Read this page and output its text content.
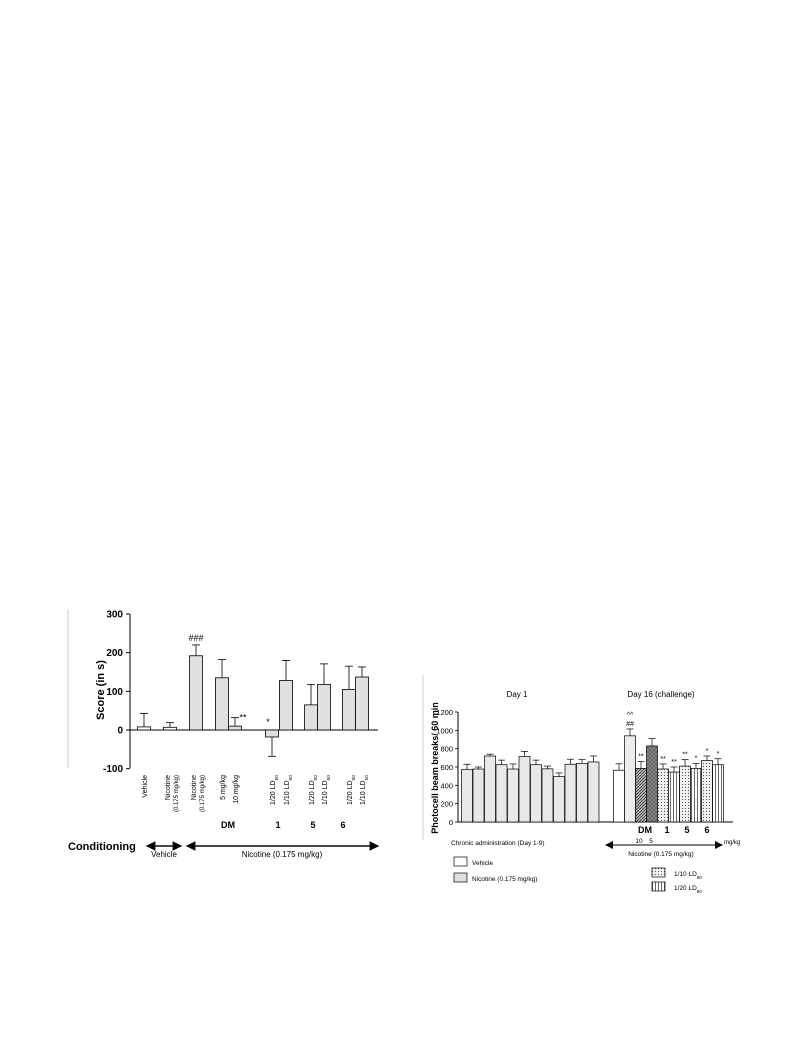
-100
0
100
200
300
Score (in s)
###
** *
Vehicle Nicotine (0.175 mg/kg) Nicotine (0.175 mg/kg) 5 mg/kg 10 mg/kg	1/20 $LD_{50}$
1/10 $LD_{50}$
1/20 $LD_{50}$
1/10 $LD_{50}$
1/20 $LD_{50}$
1/10 $LD_{50}$
DM	1	5	6
Conditioning
Vehicle	Nicotine (0.175 mg/kg)
Day 1	Day 16 (challenge)
0
200
400
600
800
1000
1200
Photocell beam breaks/ 60 min	^^
##
** ** **
**
*
* *
DM 1 5 6
10 5	mg/kg
Chronic administration (Day 1-9)
Nicotine (0.175 mg/kg)
Vehicle
Nicotine (0.175 mg/kg)
1/10 $LD_{50}$
1/20 $LD_{50}$
